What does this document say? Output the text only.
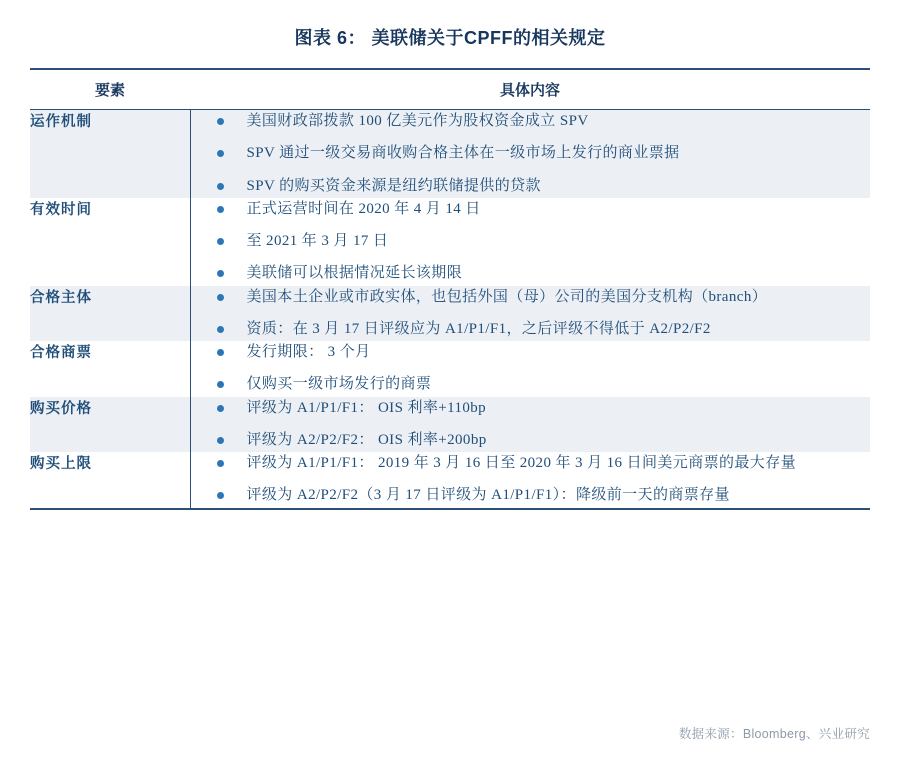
图表 6： 美联储关于CPFF的相关规定
要素	具体内容
运作机制	美国财政部拨款 100 亿美元作为股权资金成立 SPV
SPV 通过一级交易商收购合格主体在一级市场上发行的商业票据
SPV 的购买资金来源是纽约联储提供的贷款

有效时间	正式运营时间在 2020 年 4 月 14 日
至 2021 年 3 月 17 日
美联储可以根据情况延长该期限

合格主体	美国本土企业或市政实体，也包括外国（母）公司的美国分支机构（branch）
资质：在 3 月 17 日评级应为 A1/P1/F1，之后评级不得低于 A2/P2/F2

合格商票	发行期限： 3 个月
仅购买一级市场发行的商票

购买价格	评级为 A1/P1/F1： OIS 利率+110bp
评级为 A2/P2/F2： OIS 利率+200bp

购买上限	评级为 A1/P1/F1： 2019 年 3 月 16 日至 2020 年 3 月 16 日间美元商票的最大存量
评级为 A2/P2/F2（3 月 17 日评级为 A1/P1/F1）：降级前一天的商票存量
数据来源：Bloomberg、兴业研究
